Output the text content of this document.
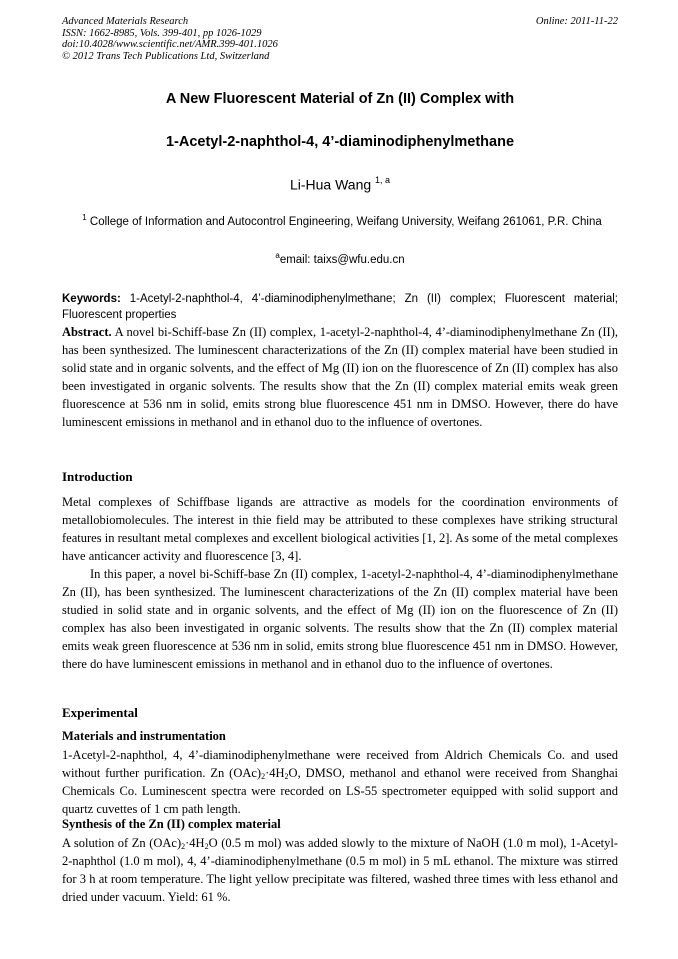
Advanced Materials Research
ISSN: 1662-8985, Vols. 399-401, pp 1026-1029
doi:10.4028/www.scientific.net/AMR.399-401.1026
© 2012 Trans Tech Publications Ltd, Switzerland
Online: 2011-11-22
A New Fluorescent Material of Zn (II) Complex with
1-Acetyl-2-naphthol-4, 4’-diaminodiphenylmethane
Li-Hua Wang $^{1, a}$
$^1$ College of Information and Autocontrol Engineering, Weifang University, Weifang 261061, P.R. China
$^a$email: taixs@wfu.edu.cn
Keywords: 1-Acetyl-2-naphthol-4, 4’-diaminodiphenylmethane; Zn (II) complex; Fluorescent material; Fluorescent properties
Abstract. A novel bi-Schiff-base Zn (II) complex, 1-acetyl-2-naphthol-4, 4’-diaminodiphenylmethane Zn (II), has been synthesized. The luminescent characterizations of the Zn (II) complex material have been studied in solid state and in organic solvents, and the effect of Mg (II) ion on the fluorescence of Zn (II) complex has also been investigated in organic solvents. The results show that the Zn (II) complex material emits weak green fluorescence at 536 nm in solid, emits strong blue fluorescence 451 nm in DMSO. However, there do have luminescent emissions in methanol and in ethanol duo to the influence of overtones.
Introduction
Metal complexes of Schiffbase ligands are attractive as models for the coordination environments of metallobiomolecules. The interest in thie field may be attributed to these complexes have striking structural features in resultant metal complexes and excellent biological activities [1, 2]. As some of the metal complexes have anticancer activity and fluorescence [3, 4].
In this paper, a novel bi-Schiff-base Zn (II) complex, 1-acetyl-2-naphthol-4, 4’-diaminodiphenylmethane Zn (II), has been synthesized. The luminescent characterizations of the Zn (II) complex material have been studied in solid state and in organic solvents, and the effect of Mg (II) ion on the fluorescence of Zn (II) complex has also been investigated in organic solvents. The results show that the Zn (II) complex material emits weak green fluorescence at 536 nm in solid, emits strong blue fluorescence 451 nm in DMSO. However, there do have luminescent emissions in methanol and in ethanol duo to the influence of overtones.
Experimental
Materials and instrumentation
1-Acetyl-2-naphthol, 4, 4’-diaminodiphenylmethane were received from Aldrich Chemicals Co. and used without further purification. Zn $(OAc)_2\cdot 4H_2O$, DMSO, methanol and ethanol were received from Shanghai Chemicals Co. Luminescent spectra were recorded on LS-55 spectrometer equipped with solid support and quartz cuvettes of 1 cm path length.
Synthesis of the Zn (II) complex material
A solution of Zn $(OAc)_2\cdot 4H_2O$ (0.5 m mol) was added slowly to the mixture of NaOH (1.0 m mol), 1-Acetyl-2-naphthol (1.0 m mol), 4, 4’-diaminodiphenylmethane (0.5 m mol) in 5 mL ethanol. The mixture was stirred for 3 h at room temperature. The light yellow precipitate was filtered, washed three times with less ethanol and dried under vacuum. Yield: 61 %.
